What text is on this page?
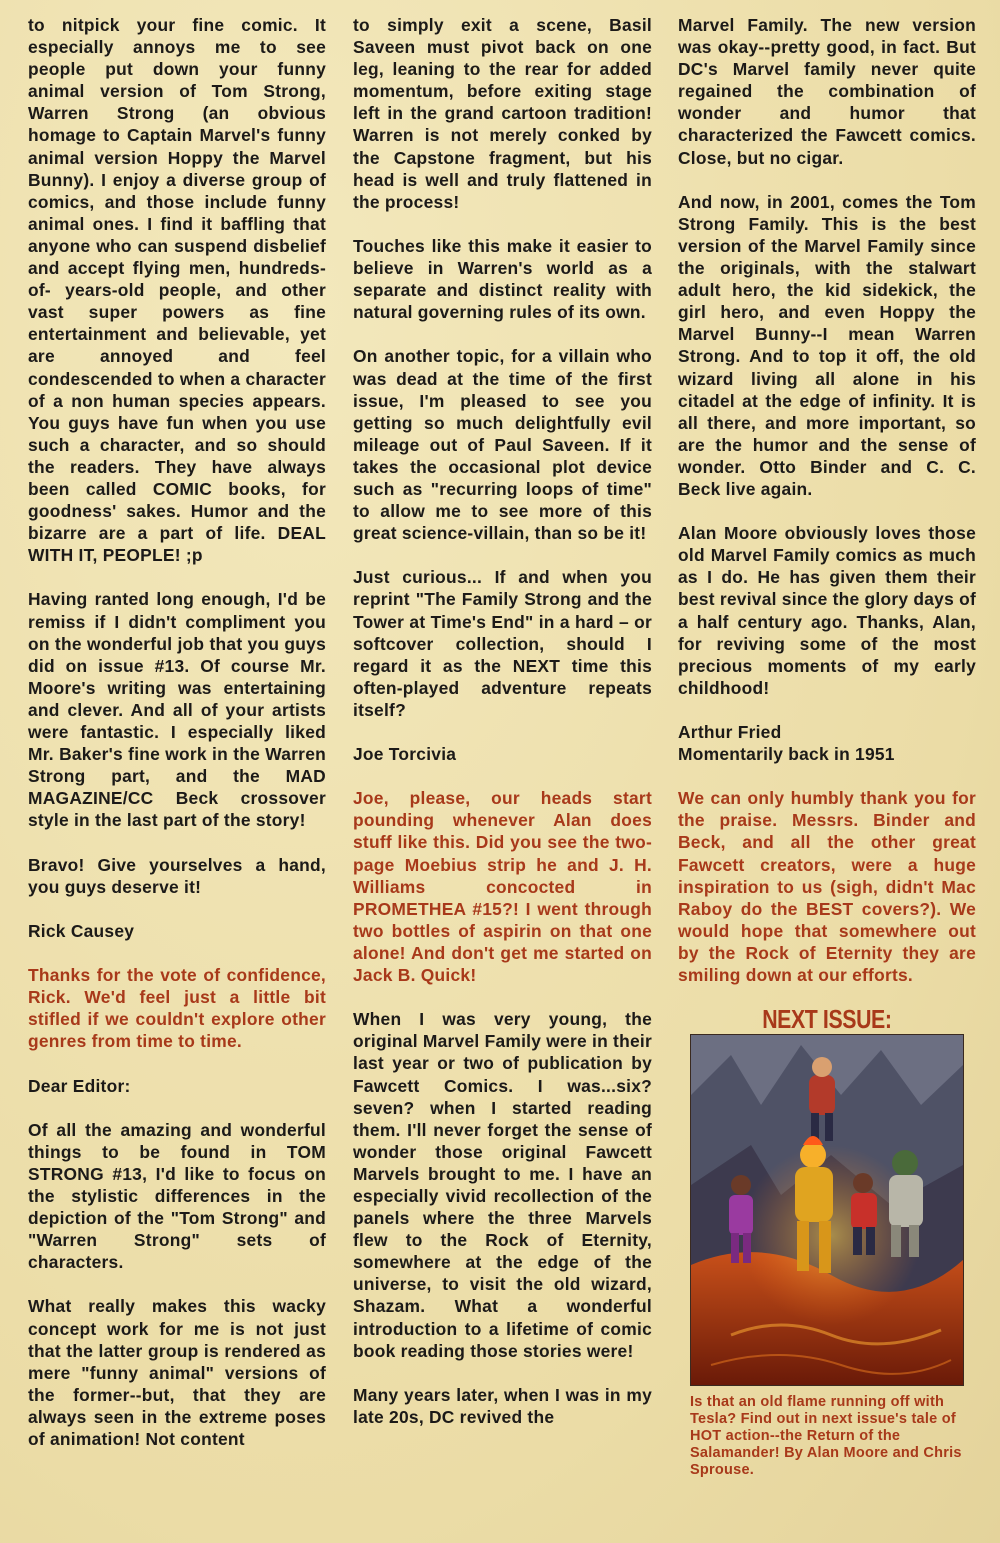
to nitpick your fine comic. It especially annoys me to see people put down your funny animal version of Tom Strong, Warren Strong (an obvious homage to Captain Marvel's funny animal version Hoppy the Marvel Bunny). I enjoy a diverse group of comics, and those include funny animal ones. I find it baffling that anyone who can suspend disbelief and accept flying men, hundreds- of- years-old people, and other vast super powers as fine entertainment and believable, yet are annoyed and feel condescended to when a character of a non human species appears. You guys have fun when you use such a character, and so should the readers. They have always been called COMIC books, for goodness' sakes. Humor and the bizarre are a part of life. DEAL WITH IT, PEOPLE! ;p

Having ranted long enough, I'd be remiss if I didn't compliment you on the wonderful job that you guys did on issue #13. Of course Mr. Moore's writing was entertaining and clever. And all of your artists were fantastic. I especially liked Mr. Baker's fine work in the Warren Strong part, and the MAD MAGAZINE/CC Beck crossover style in the last part of the story!

Bravo! Give yourselves a hand, you guys deserve it!

Rick Causey

Thanks for the vote of confidence, Rick. We'd feel just a little bit stifled if we couldn't explore other genres from time to time.

Dear Editor:

Of all the amazing and wonderful things to be found in TOM STRONG #13, I'd like to focus on the stylistic differences in the depiction of the "Tom Strong" and "Warren Strong" sets of characters.

What really makes this wacky concept work for me is not just that the latter group is rendered as mere "funny animal" versions of the former--but, that they are always seen in the extreme poses of animation! Not content

to simply exit a scene, Basil Saveen must pivot back on one leg, leaning to the rear for added momentum, before exiting stage left in the grand cartoon tradition! Warren is not merely conked by the Capstone fragment, but his head is well and truly flattened in the process!

Touches like this make it easier to believe in Warren's world as a separate and distinct reality with natural governing rules of its own.

On another topic, for a villain who was dead at the time of the first issue, I'm pleased to see you getting so much delightfully evil mileage out of Paul Saveen. If it takes the occasional plot device such as "recurring loops of time" to allow me to see more of this great science-villain, than so be it!

Just curious... If and when you reprint "The Family Strong and the Tower at Time's End" in a hard – or softcover collection, should I regard it as the NEXT time this often-played adventure repeats itself?

Joe Torcivia

Joe, please, our heads start pounding whenever Alan does stuff like this. Did you see the two- page Moebius strip he and J. H. Williams concocted in PROMETHEA #15?! I went through two bottles of aspirin on that one alone! And don't get me started on Jack B. Quick!

When I was very young, the original Marvel Family were in their last year or two of publication by Fawcett Comics. I was...six? seven? when I started reading them. I'll never forget the sense of wonder those original Fawcett Marvels brought to me. I have an especially vivid recollection of the panels where the three Marvels flew to the Rock of Eternity, somewhere at the edge of the universe, to visit the old wizard, Shazam. What a wonderful introduction to a lifetime of comic book reading those stories were!

Many years later, when I was in my late 20s, DC revived the

Marvel Family. The new version was okay--pretty good, in fact. But DC's Marvel family never quite regained the combination of wonder and humor that characterized the Fawcett comics. Close, but no cigar.

And now, in 2001, comes the Tom Strong Family. This is the best version of the Marvel Family since the originals, with the stalwart adult hero, the kid sidekick, the girl hero, and even Hoppy the Marvel Bunny--I mean Warren Strong. And to top it off, the old wizard living all alone in his citadel at the edge of infinity. It is all there, and more important, so are the humor and the sense of wonder. Otto Binder and C. C. Beck live again.

Alan Moore obviously loves those old Marvel Family comics as much as I do. He has given them their best revival since the glory days of a half century ago. Thanks, Alan, for reviving some of the most precious moments of my early childhood!

Arthur Fried

Momentarily back in 1951

We can only humbly thank you for the praise. Messrs. Binder and Beck, and all the other great Fawcett creators, were a huge inspiration to us (sigh, didn't Mac Raboy do the BEST covers?). We would hope that somewhere out by the Rock of Eternity they are smiling down at our efforts.

NEXT ISSUE:
Is that an old flame running off with Tesla? Find out in next issue's tale of HOT action--the Return of the Salamander! By Alan Moore and Chris Sprouse.
